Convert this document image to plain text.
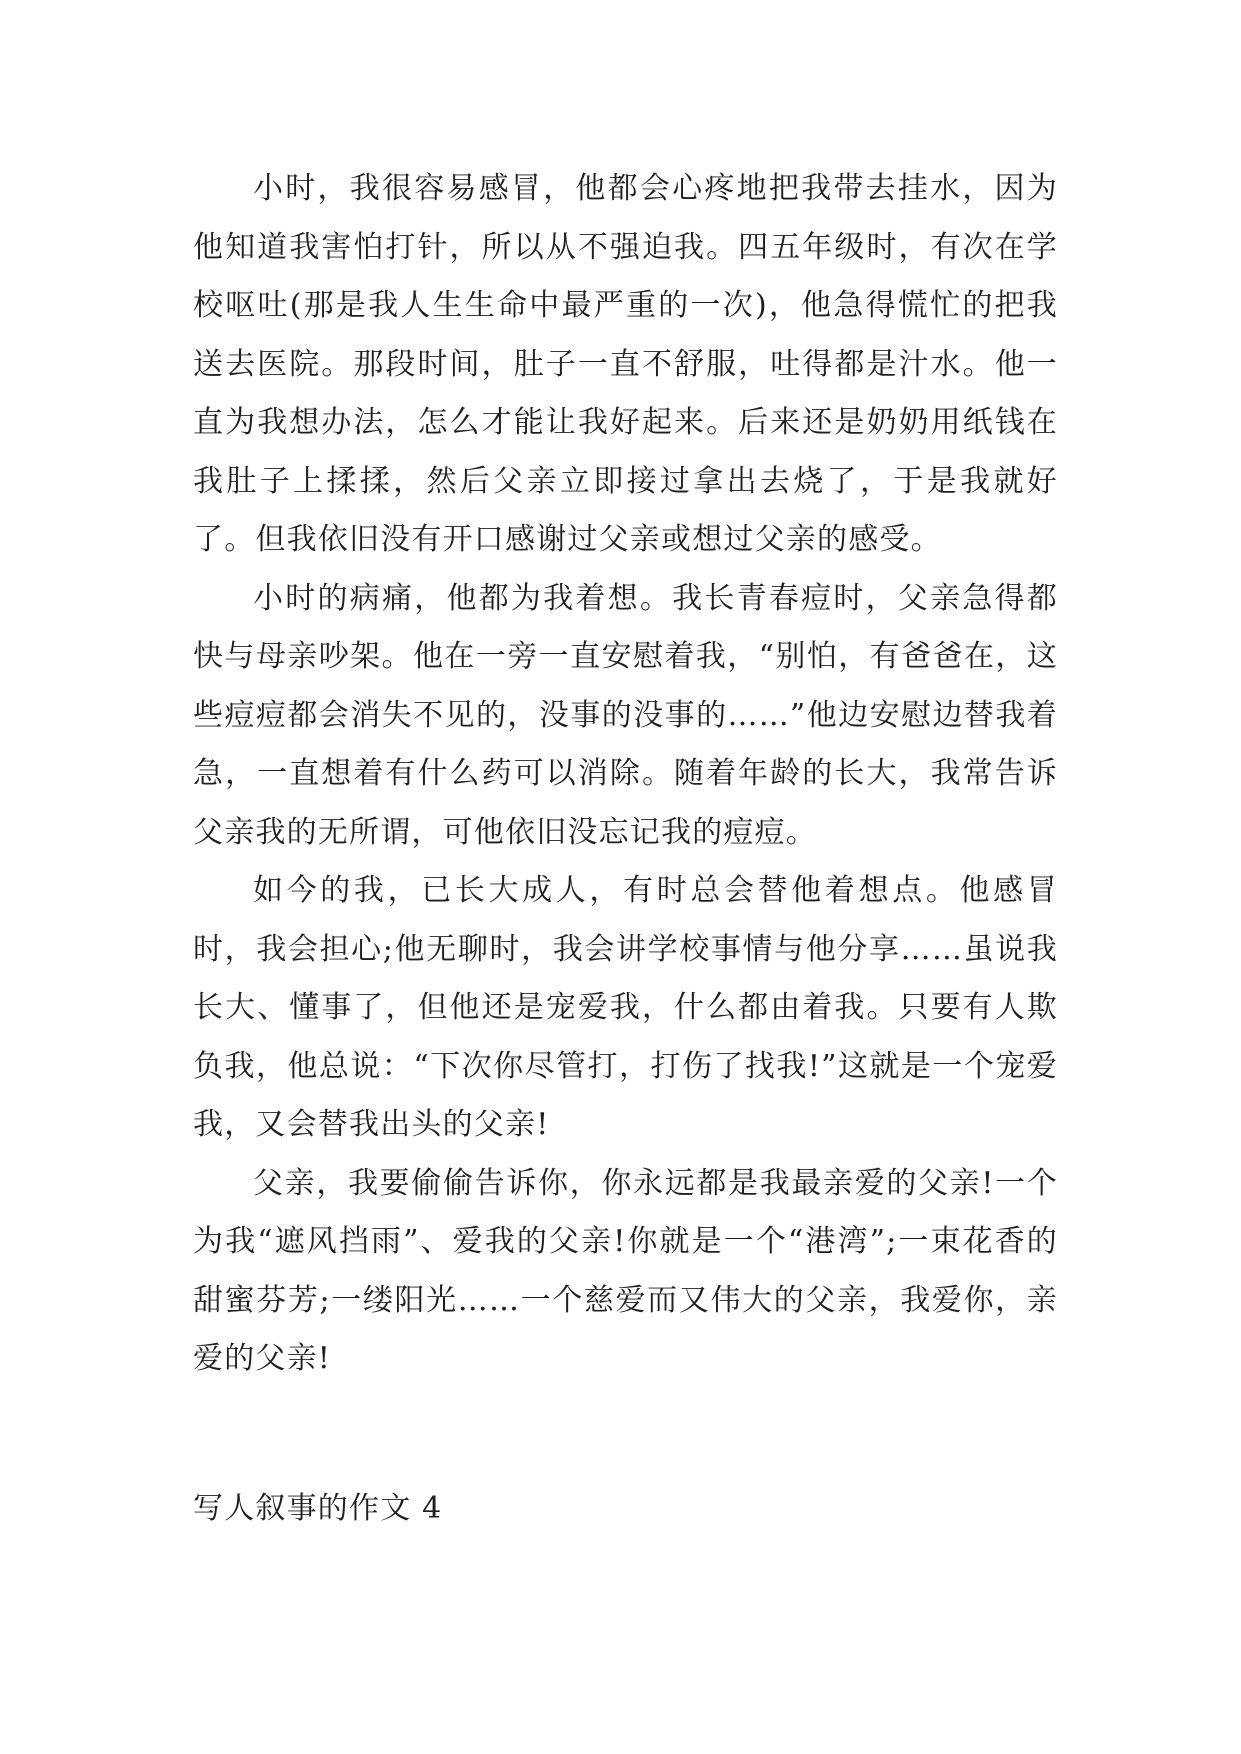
小时，我很容易感冒，他都会心疼地把我带去挂水，因为他知道我害怕打针，所以从不强迫我。四五年级时，有次在学校呕吐(那是我人生生命中最严重的一次)，他急得慌忙的把我送去医院。那段时间，肚子一直不舒服，吐得都是汁水。他一直为我想办法，怎么才能让我好起来。后来还是奶奶用纸钱在我肚子上揉揉，然后父亲立即接过拿出去烧了，于是我就好了。但我依旧没有开口感谢过父亲或想过父亲的感受。

小时的病痛，他都为我着想。我长青春痘时，父亲急得都快与母亲吵架。他在一旁一直安慰着我，“别怕，有爸爸在，这些痘痘都会消失不见的，没事的没事的……”他边安慰边替我着急，一直想着有什么药可以消除。随着年龄的长大，我常告诉父亲我的无所谓，可他依旧没忘记我的痘痘。

如今的我，已长大成人，有时总会替他着想点。他感冒时，我会担心;他无聊时，我会讲学校事情与他分享……虽说我长大、懂事了，但他还是宠爱我，什么都由着我。只要有人欺负我，他总说：“下次你尽管打，打伤了找我!”这就是一个宠爱我，又会替我出头的父亲!

父亲，我要偷偷告诉你，你永远都是我最亲爱的父亲!一个为我“遮风挡雨”、爱我的父亲!你就是一个“港湾”;一束花香的甜蜜芬芳;一缕阳光……一个慈爱而又伟大的父亲，我爱你，亲爱的父亲!

写人叙事的作文 4
